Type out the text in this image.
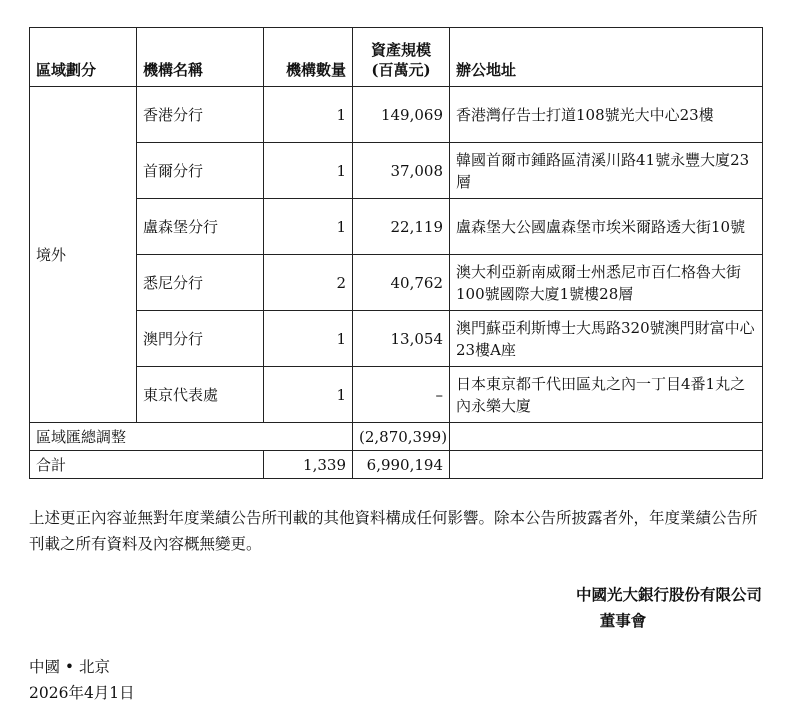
區域劃分	機構名稱	機構數量	資產規模
(百萬元)	辦公地址
境外	香港分行	1	149,069	香港灣仔告士打道108號光大中心23樓
	首爾分行	1	37,008	韓國首爾市鍾路區清溪川路41號永豐大廈23層
	盧森堡分行	1	22,119	盧森堡大公國盧森堡市埃米爾路透大街10號
	悉尼分行	2	40,762	澳大利亞新南威爾士州悉尼市百仁格魯大街100號國際大廈1號樓28層
	澳門分行	1	13,054	澳門蘇亞利斯博士大馬路320號澳門財富中心23樓A座
	東京代表處	1	–	日本東京都千代田區丸之內一丁目4番1丸之內永樂大廈
區域匯總調整			(2,870,399)	
合計		1,339	6,990,194	

上述更正內容並無對年度業績公告所刊載的其他資料構成任何影響。除本公告所披露者外，年度業績公告所刊載之所有資料及內容概無變更。

中國光大銀行股份有限公司

董事會
中國 • 北京
2026年4月1日
